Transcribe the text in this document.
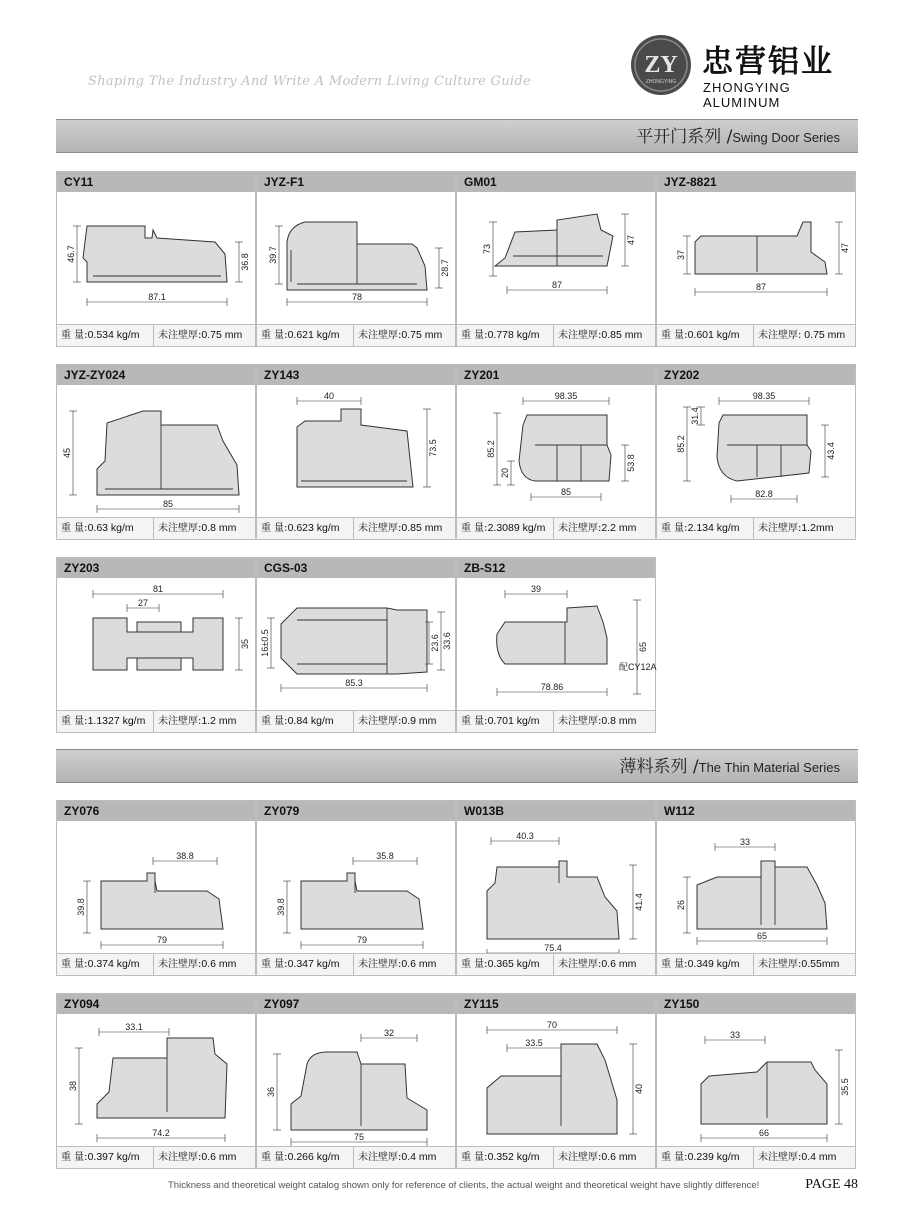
Shaping The Industry And Write A Modern Living Culture Guide
ZY
ZHONGYING
忠营铝业
ZHONGYING ALUMINUM
平开门系列 /Swing Door Series
薄料系列 /The Thin Material Series
CY11
46.7	36.8
87.1
重 量:0.534 kg/m	未注壁厚:0.75 mm
JYZ-F1
39.7
28.7
78
重 量:0.621 kg/m	未注壁厚:0.75 mm
GM01
73
47
87
重 量:0.778 kg/m	未注壁厚:0.85 mm
JYZ-8821
37
47
87
重 量:0.601 kg/m	未注壁厚: 0.75 mm
JYZ-ZY024
45
85
重 量:0.63 kg/m	未注壁厚:0.8 mm
ZY143
40
73.5
重 量:0.623 kg/m	未注壁厚:0.85 mm
ZY201
98.35
85.2
20
53.8
85
重 量:2.3089 kg/m	未注壁厚:2.2 mm
ZY202
98.35
31.4
85.2	43.4
82.8
重 量:2.134 kg/m	未注壁厚:1.2mm
ZY203
81
27
35
重 量:1.1327 kg/m	未注壁厚:1.2 mm
CGS-03
16±0.5	23.6 33.6
85.3
重 量:0.84 kg/m	未注壁厚:0.9 mm
ZB-S12
39
65
78.86
配CY12A
重 量:0.701 kg/m	未注壁厚:0.8 mm
ZY076
38.8
39.8
79
重 量:0.374 kg/m	未注壁厚:0.6 mm
ZY079
35.8
39.8
79
重 量:0.347 kg/m	未注壁厚:0.6 mm
W013B
40.3
41.4
75.4
重 量:0.365 kg/m	未注壁厚:0.6 mm
W112
33
26
65
重 量:0.349 kg/m	未注壁厚:0.55mm
ZY094
33.1
38
74.2
重 量:0.397 kg/m	未注壁厚:0.6 mm
ZY097
32
36
75
重 量:0.266 kg/m	未注壁厚:0.4 mm
ZY115
70
33.5
40
重 量:0.352 kg/m	未注壁厚:0.6 mm
ZY150
33
35.5
66
重 量:0.239 kg/m	未注壁厚:0.4 mm
Thickness and theoretical weight catalog shown only for reference of clients, the actual weight and theoretical weight have slightly difference!	PAGE 48
